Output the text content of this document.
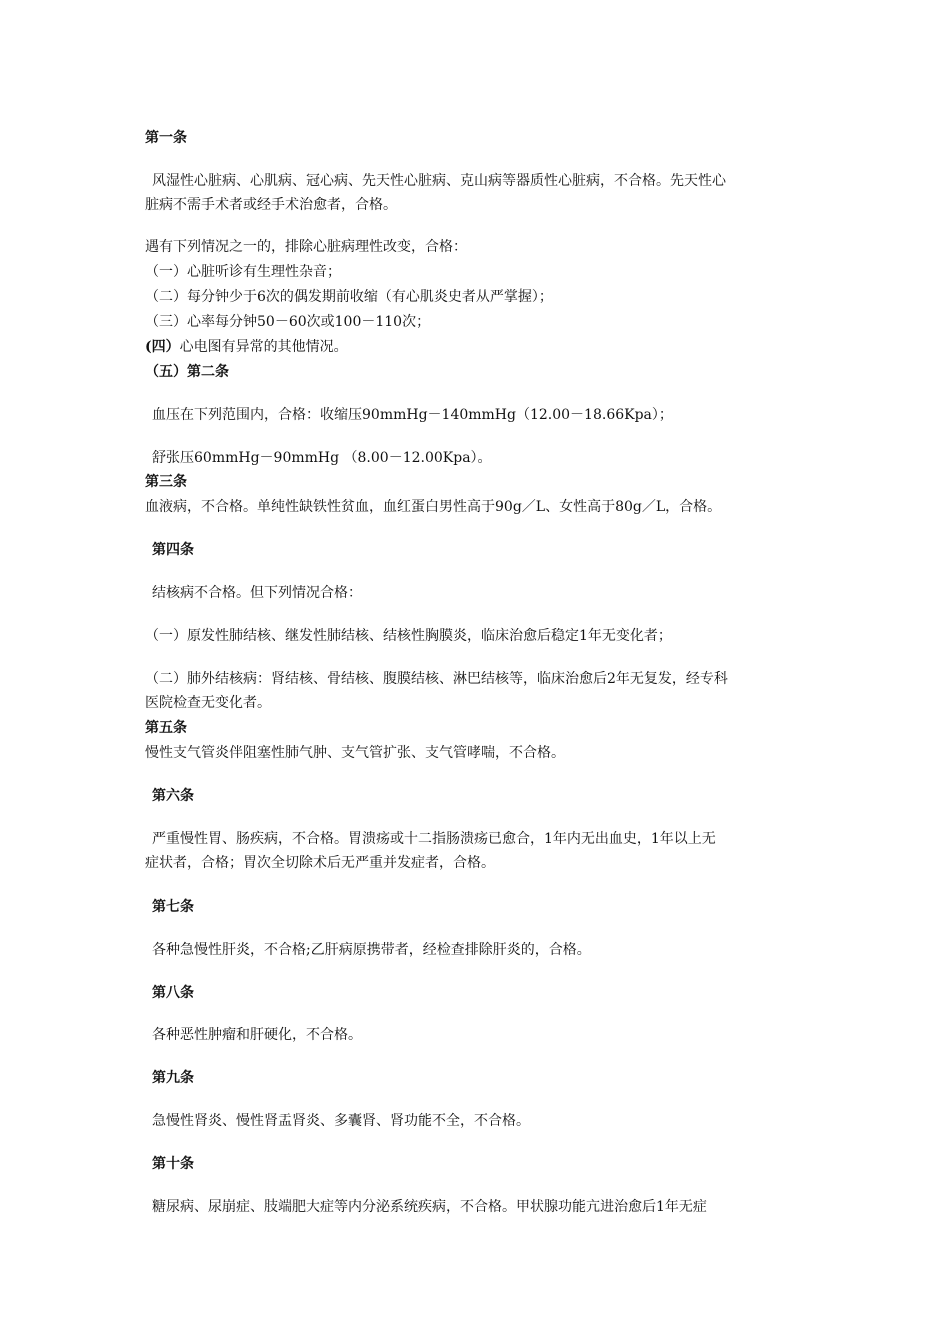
第一条
风湿性心脏病、心肌病、冠心病、先天性心脏病、克山病等器质性心脏病，不合格。先天性心
脏病不需手术者或经手术治愈者，合格。
遇有下列情况之一的，排除心脏病理性改变，合格：
（一）心脏听诊有生理性杂音；
（二）每分钟少于6次的偶发期前收缩（有心肌炎史者从严掌握）；
（三）心率每分钟50－60次或100－110次；
(四）心电图有异常的其他情况。
（五）第二条
血压在下列范围内，合格：收缩压90mmHg－140mmHg（12.00－18.66Kpa）；
舒张压60mmHg－90mmHg （8.00－12.00Kpa）。
第三条
血液病，不合格。单纯性缺铁性贫血，血红蛋白男性高于90g／L、女性高于80g／L，合格。
第四条
结核病不合格。但下列情况合格：
（一）原发性肺结核、继发性肺结核、结核性胸膜炎，临床治愈后稳定1年无变化者；
（二）肺外结核病：肾结核、骨结核、腹膜结核、淋巴结核等，临床治愈后2年无复发，经专科
医院检查无变化者。
第五条
慢性支气管炎伴阻塞性肺气肿、支气管扩张、支气管哮喘，不合格。
第六条
严重慢性胃、肠疾病，不合格。胃溃疡或十二指肠溃疡已愈合，1年内无出血史，1年以上无
症状者，合格；胃次全切除术后无严重并发症者，合格。
第七条
各种急慢性肝炎，不合格;乙肝病原携带者，经检查排除肝炎的，合格。
第八条
各种恶性肿瘤和肝硬化，不合格。
第九条
急慢性肾炎、慢性肾盂肾炎、多囊肾、肾功能不全，不合格。
第十条
糖尿病、尿崩症、肢端肥大症等内分泌系统疾病，不合格。甲状腺功能亢进治愈后1年无症
